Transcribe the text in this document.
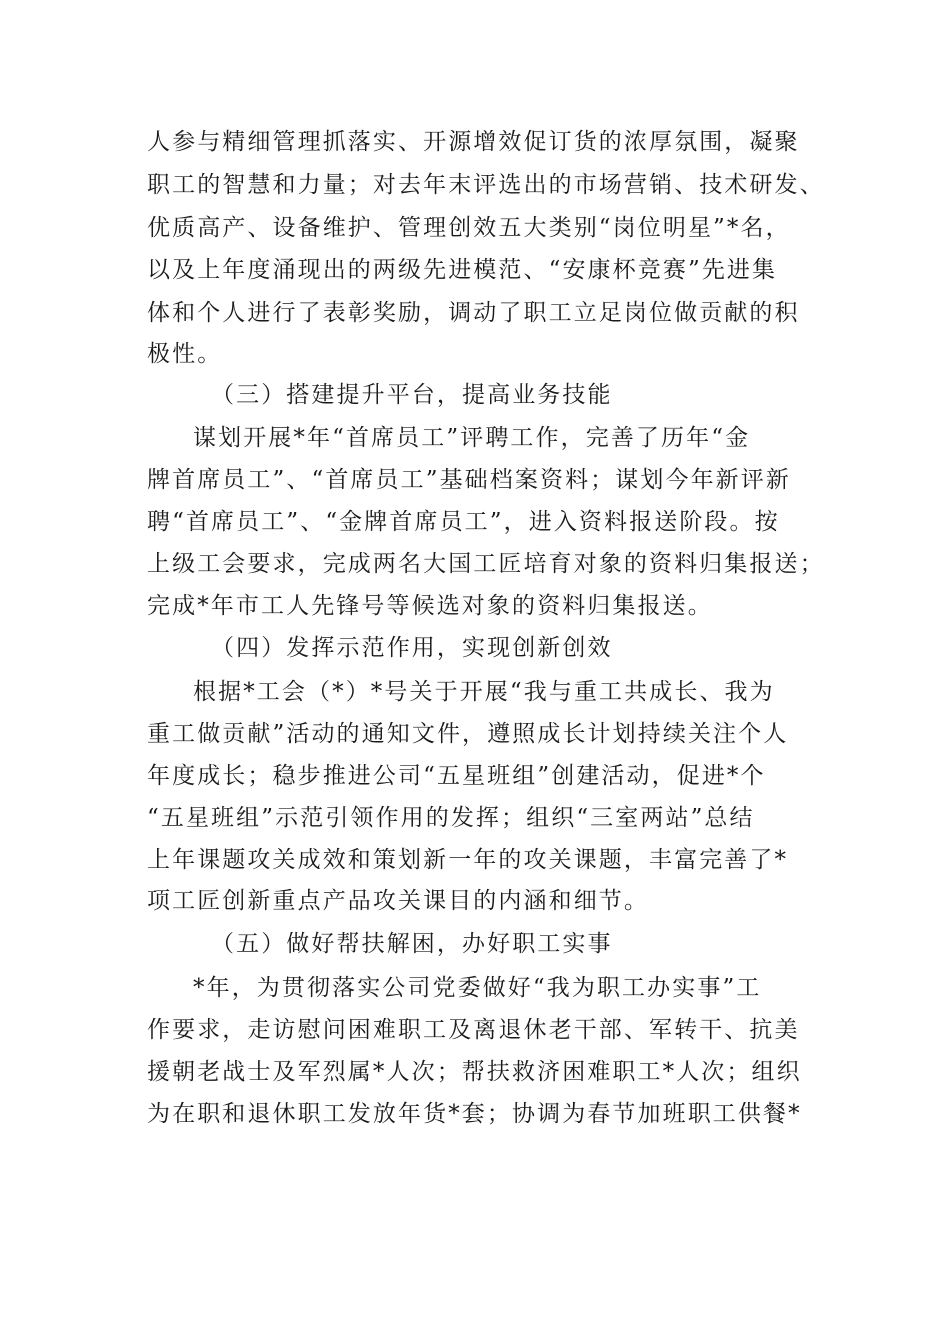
人参与精细管理抓落实、开源增效促订货的浓厚氛围，凝聚
职工的智慧和力量；对去年末评选出的市场营销、技术研发、
优质高产、设备维护、管理创效五大类别“岗位明星”*名，
以及上年度涌现出的两级先进模范、“安康杯竞赛”先进集
体和个人进行了表彰奖励，调动了职工立足岗位做贡献的积
极性。
（三）搭建提升平台，提高业务技能
谋划开展*年“首席员工”评聘工作，完善了历年“金
牌首席员工”、“首席员工”基础档案资料；谋划今年新评新
聘“首席员工”、“金牌首席员工”，进入资料报送阶段。按
上级工会要求，完成两名大国工匠培育对象的资料归集报送；
完成*年市工人先锋号等候选对象的资料归集报送。
（四）发挥示范作用，实现创新创效
根据*工会（*）*号关于开展“我与重工共成长、我为
重工做贡献”活动的通知文件，遵照成长计划持续关注个人
年度成长；稳步推进公司“五星班组”创建活动，促进*个
“五星班组”示范引领作用的发挥；组织“三室两站”总结
上年课题攻关成效和策划新一年的攻关课题，丰富完善了*
项工匠创新重点产品攻关课目的内涵和细节。
（五）做好帮扶解困，办好职工实事
*年，为贯彻落实公司党委做好“我为职工办实事”工
作要求，走访慰问困难职工及离退休老干部、军转干、抗美
援朝老战士及军烈属*人次；帮扶救济困难职工*人次；组织
为在职和退休职工发放年货*套；协调为春节加班职工供餐*
